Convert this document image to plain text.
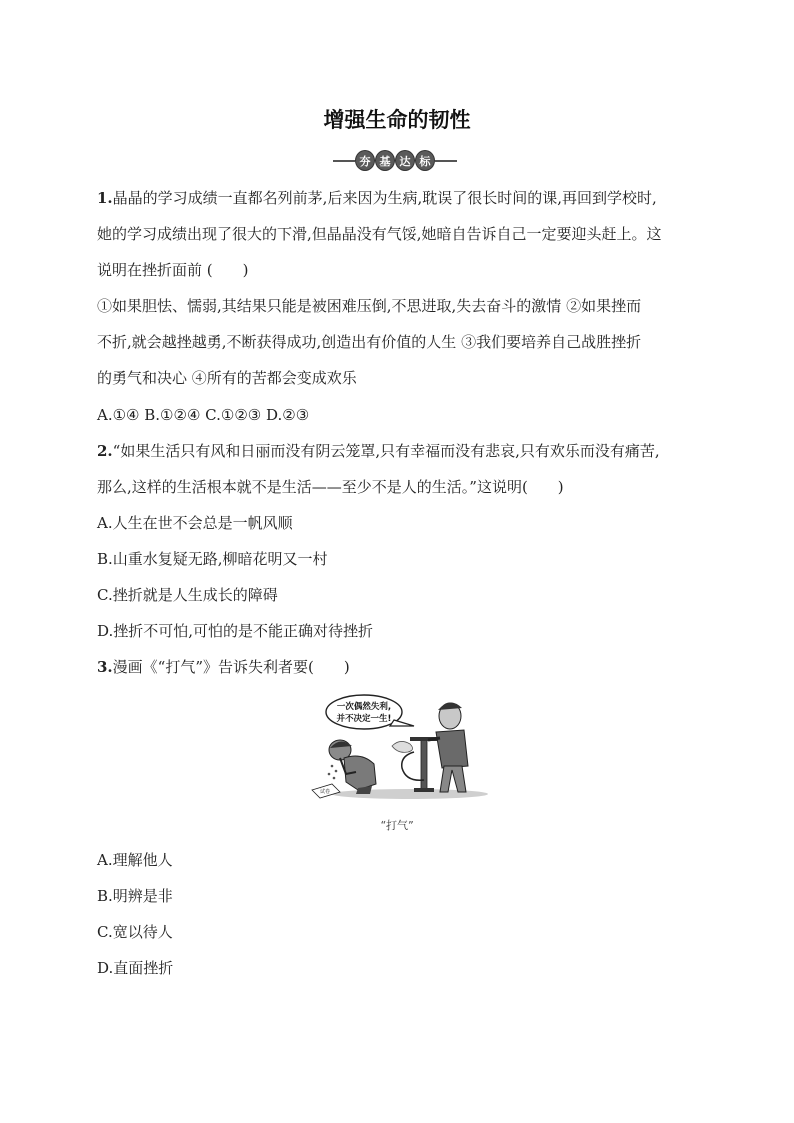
增强生命的韧性
夯 基 达 标
1.晶晶的学习成绩一直都名列前茅,后来因为生病,耽误了很长时间的课,再回到学校时,
她的学习成绩出现了很大的下滑,但晶晶没有气馁,她暗自告诉自己一定要迎头赶上。这
说明在挫折面前 (　　)
①如果胆怯、懦弱,其结果只能是被困难压倒,不思进取,失去奋斗的激情 ②如果挫而
不折,就会越挫越勇,不断获得成功,创造出有价值的人生 ③我们要培养自己战胜挫折
的勇气和决心 ④所有的苦都会变成欢乐
A.①④ B.①②④ C.①②③ D.②③
2.“如果生活只有风和日丽而没有阴云笼罩,只有幸福而没有悲哀,只有欢乐而没有痛苦,
那么,这样的生活根本就不是生活——至少不是人的生活。”这说明(　　)
A.人生在世不会总是一帆风顺
B.山重水复疑无路,柳暗花明又一村
C.挫折就是人生成长的障碍
D.挫折不可怕,可怕的是不能正确对待挫折
3.漫画《“打气”》告诉失利者要(　　)
一次偶然失利,
并不决定一生!
试卷
“打气”
A.理解他人
B.明辨是非
C.宽以待人
D.直面挫折
